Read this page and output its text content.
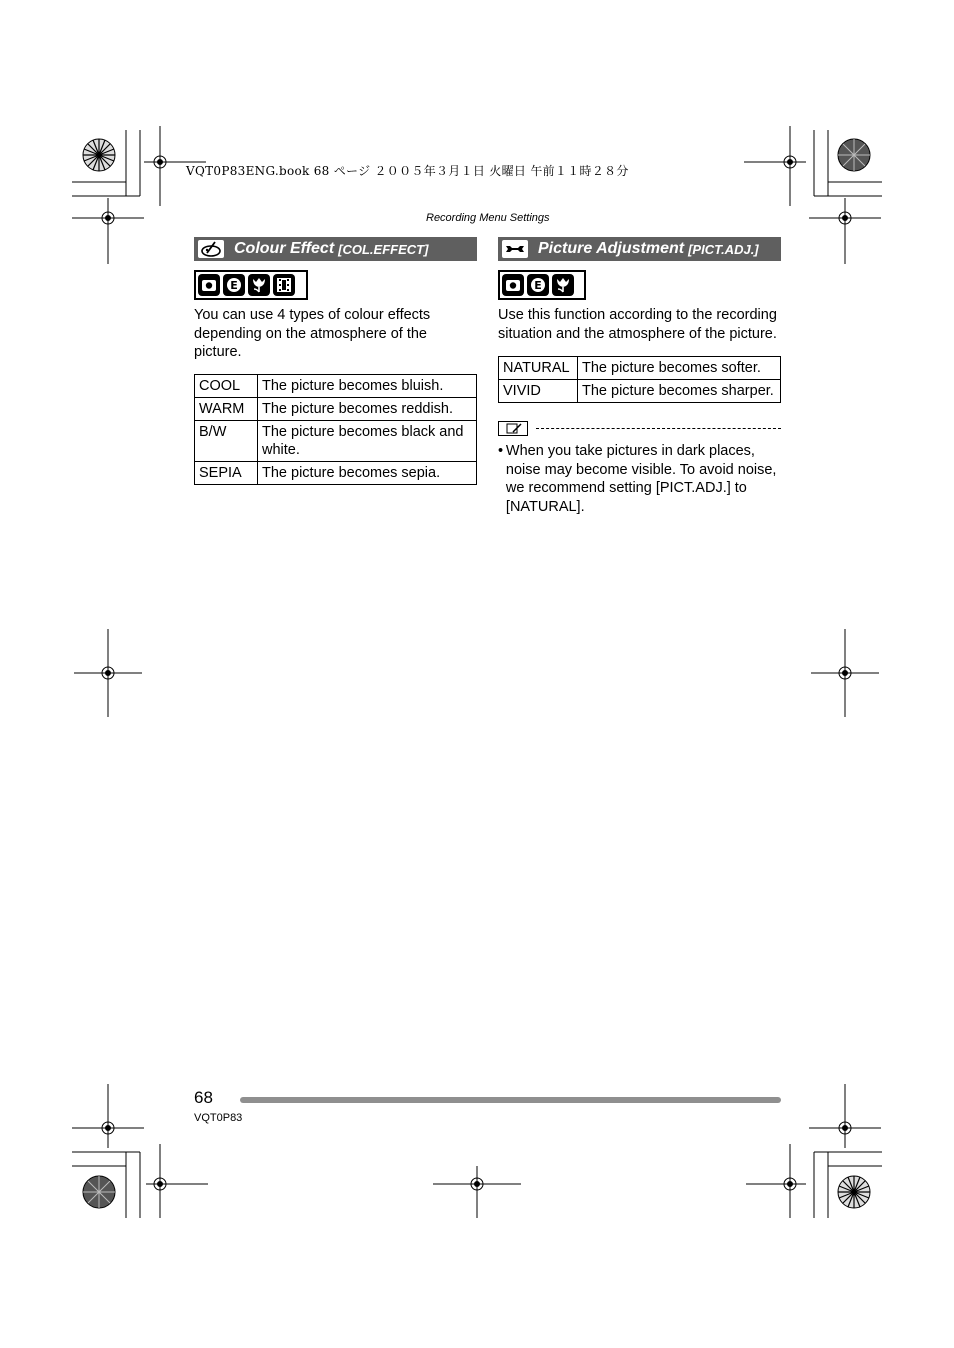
VQT0P83ENG.book 68 ページ ２００５年３月１日 火曜日 午前１１時２８分
Recording Menu Settings
Colour Effect [COL.EFFECT]
E
You can use 4 types of colour effects depending on the atmosphere of the picture.
COOL	The picture becomes bluish.
WARM	The picture becomes reddish.
B/W	The picture becomes black and white.
SEPIA	The picture becomes sepia.
Picture Adjustment [PICT.ADJ.]
E
Use this function according to the recording situation and the atmosphere of the picture.
NATURAL	The picture becomes softer.
VIVID	The picture becomes sharper.
• When you take pictures in dark places, noise may become visible. To avoid noise, we recommend setting [PICT.ADJ.] to [NATURAL].
68
VQT0P83
